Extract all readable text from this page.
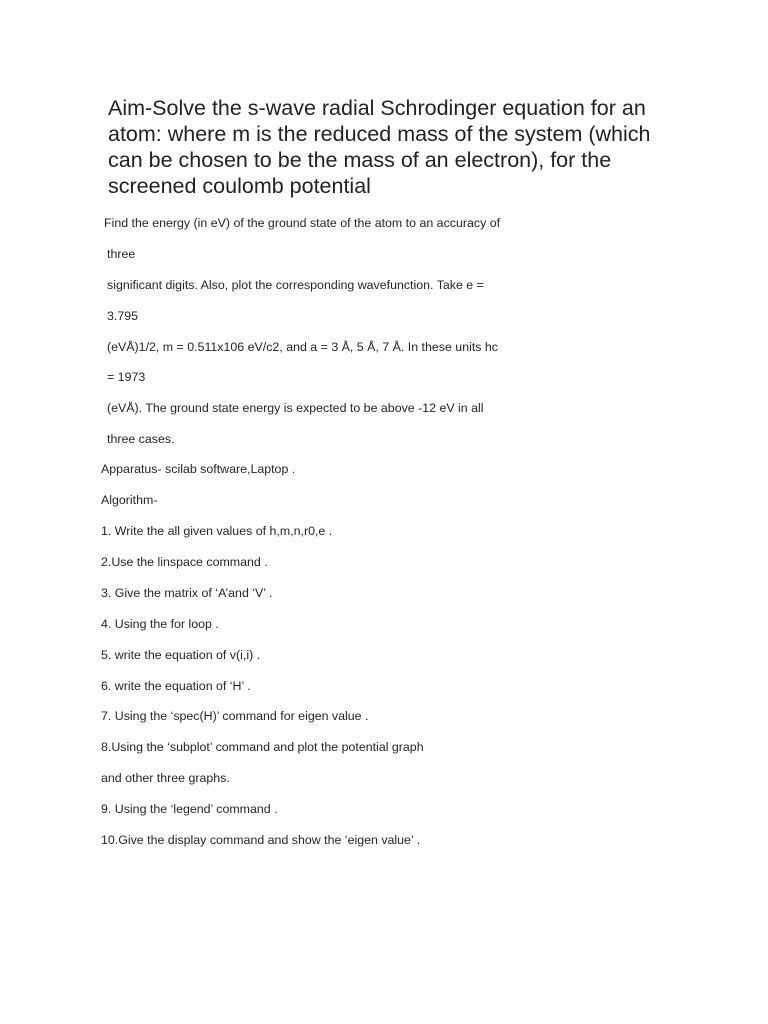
Aim-Solve the s-wave radial Schrodinger equation for an atom: where m is the reduced mass of the system (which can be chosen to be the mass of an electron), for the screened coulomb potential

Find the energy (in eV) of the ground state of the atom to an accuracy of

three

significant digits. Also, plot the corresponding wavefunction. Take e =

3.795

(eVÅ)1/2, m = 0.511x106 eV/c2, and a = 3 Å, 5 Å, 7 Å. In these units hc

= 1973

(eVÅ). The ground state energy is expected to be above -12 eV in all

three cases.

Apparatus- scilab software,Laptop .

Algorithm-

1. Write the all given values of h,m,n,r0,e .

2.Use the linspace command .

3. Give the matrix of ‘A’and ‘V’ .

4. Using the for loop .

5. write the equation of v(i,i) .

6. write the equation of ‘H’ .

7. Using the ‘spec(H)’ command for eigen value .

8.Using the ‘subplot’ command and plot the potential graph

and other three graphs.

9. Using the ‘legend’ command .

10.Give the display command and show the ‘eigen value’ .
